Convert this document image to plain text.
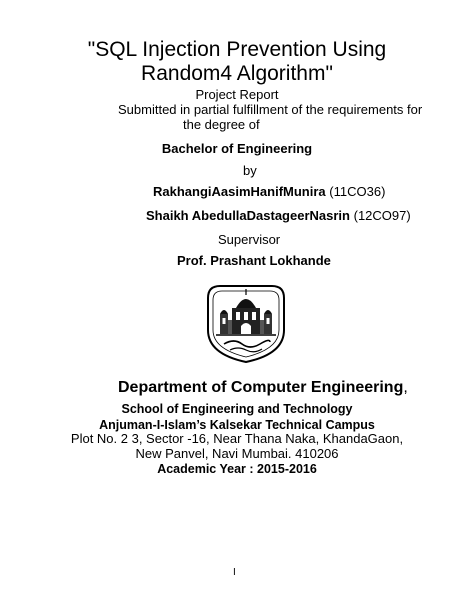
"SQL Injection Prevention Using
Random4 Algorithm"
Project Report
Submitted in partial fulfillment of the requirements for
the degree of
Bachelor of Engineering
by
RakhangiAasimHanifMunira (11CO36)
Shaikh AbedullaDastageerNasrin (12CO97)
Supervisor
Prof. Prashant Lokhande
Department of Computer Engineering,
School of Engineering and Technology
Anjuman-I-Islam’s Kalsekar Technical Campus
Plot No. 2 3, Sector -16, Near Thana Naka, KhandaGaon,
New Panvel, Navi Mumbai. 410206
Academic Year : 2015-2016
I
